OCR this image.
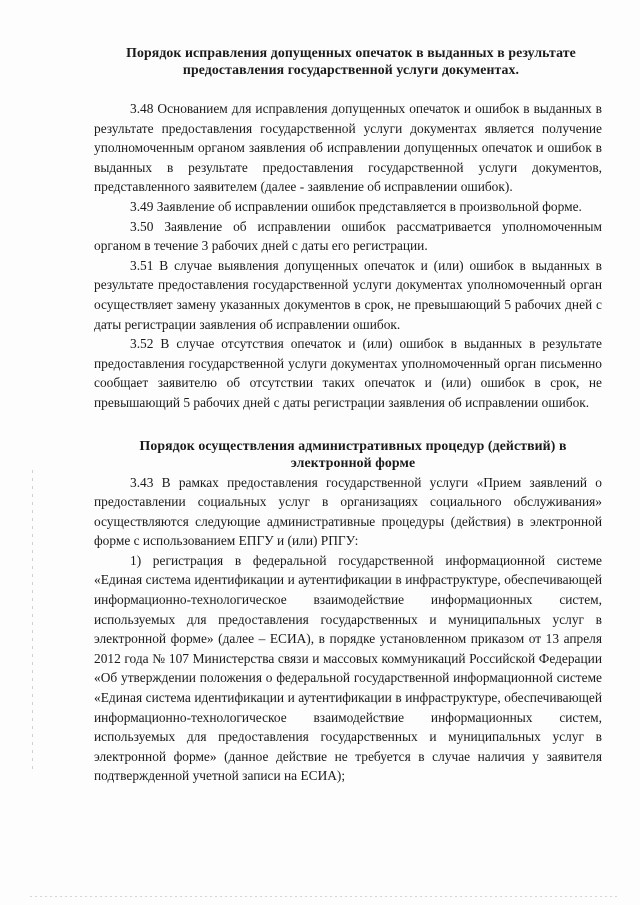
Порядок исправления допущенных опечаток в выданных в результате предоставления государственной услуги документах.

3.48 Основанием для исправления допущенных опечаток и ошибок в выданных в результате предоставления государственной услуги документах является получение уполномоченным органом заявления об исправлении допущенных опечаток и ошибок в выданных в результате предоставления государственной услуги документов, представленного заявителем (далее - заявление об исправлении ошибок).

3.49 Заявление об исправлении ошибок представляется в произвольной форме.

3.50 Заявление об исправлении ошибок рассматривается уполномоченным органом в течение 3 рабочих дней с даты его регистрации.

3.51 В случае выявления допущенных опечаток и (или) ошибок в выданных в результате предоставления государственной услуги документах уполномоченный орган осуществляет замену указанных документов в срок, не превышающий 5 рабочих дней с даты регистрации заявления об исправлении ошибок.

3.52 В случае отсутствия опечаток и (или) ошибок в выданных в результате предоставления государственной услуги документах уполномоченный орган письменно сообщает заявителю об отсутствии таких опечаток и (или) ошибок в срок, не превышающий 5 рабочих дней с даты регистрации заявления об исправлении ошибок.

Порядок осуществления административных процедур (действий) в электронной форме

3.43 В рамках предоставления государственной услуги «Прием заявлений о предоставлении социальных услуг в организациях социального обслуживания» осуществляются следующие административные процедуры (действия) в электронной форме с использованием ЕПГУ и (или) РПГУ:

1) регистрация в федеральной государственной информационной системе «Единая система идентификации и аутентификации в инфраструктуре, обеспечивающей информационно-технологическое взаимодействие информационных систем, используемых для предоставления государственных и муниципальных услуг в электронной форме» (далее – ЕСИА), в порядке установленном приказом от 13 апреля 2012 года № 107 Министерства связи и массовых коммуникаций Российской Федерации «Об утверждении положения о федеральной государственной информационной системе «Единая система идентификации и аутентификации в инфраструктуре, обеспечивающей информационно-технологическое взаимодействие информационных систем, используемых для предоставления государственных и муниципальных услуг в электронной форме» (данное действие не требуется в случае наличия у заявителя подтвержденной учетной записи на ЕСИА);
